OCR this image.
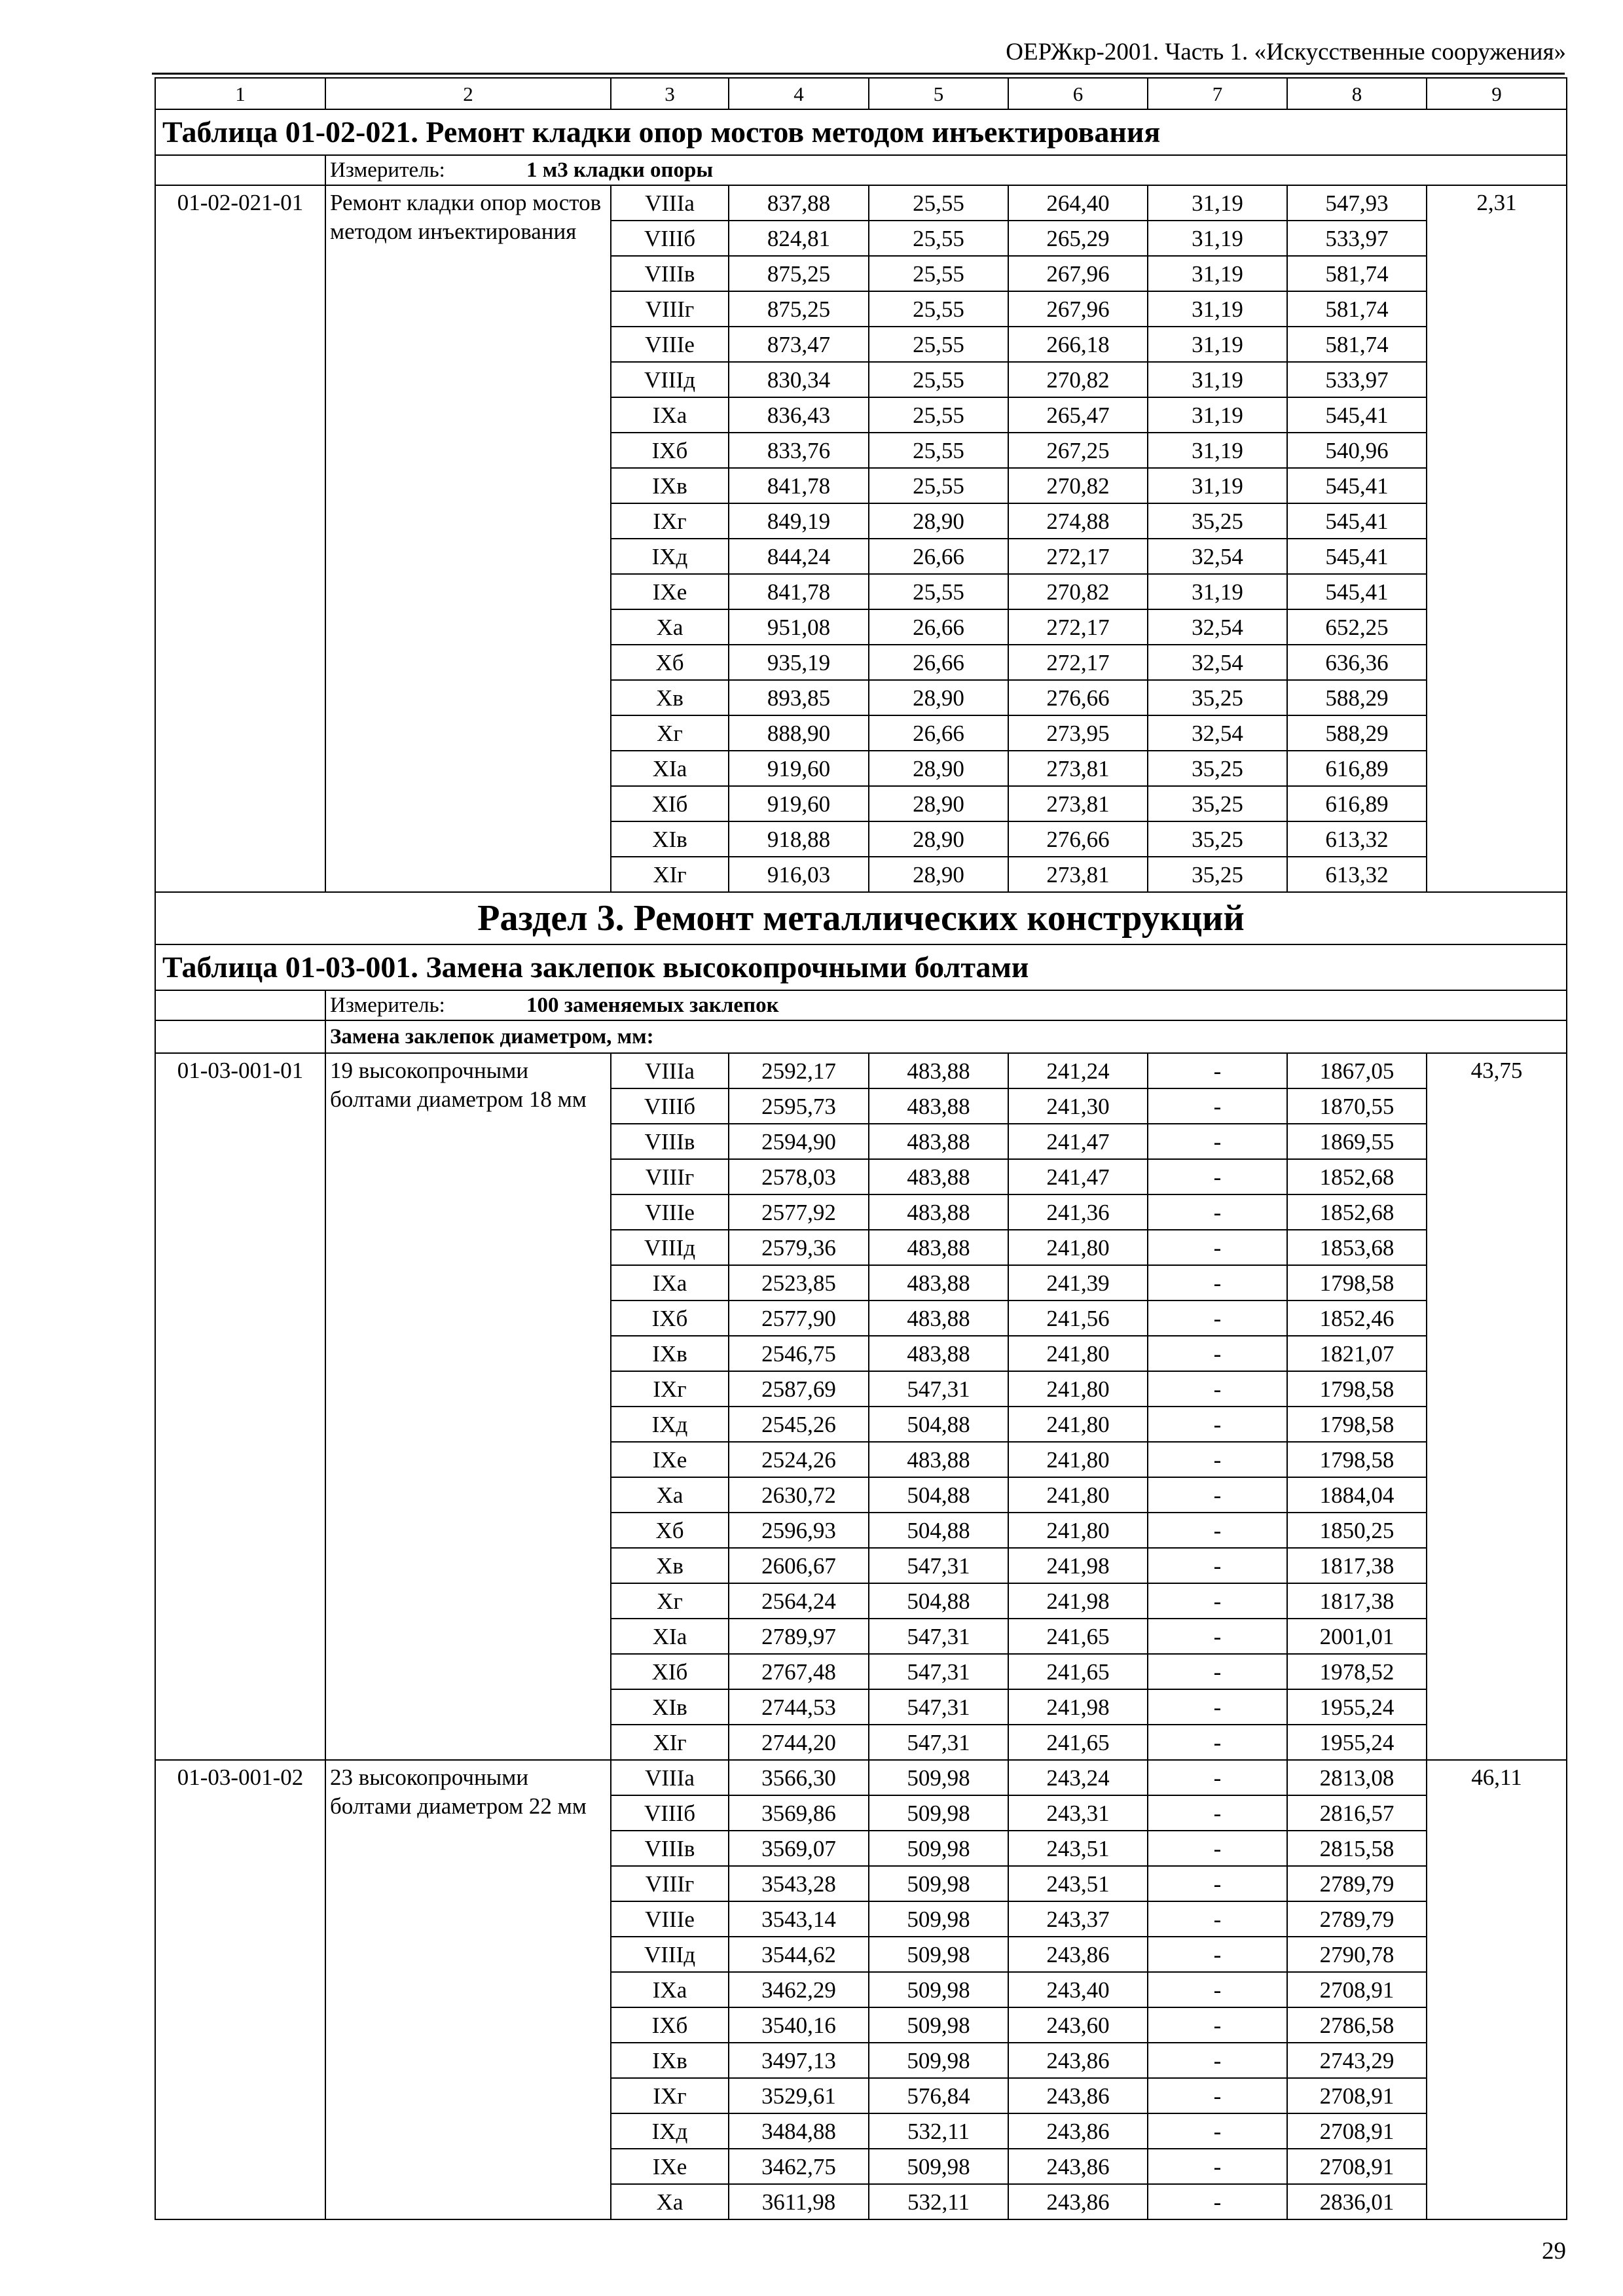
ОЕРЖкр-2001. Часть 1. «Искусственные сооружения»
1	2	3	4	5	6	7	8	9
Таблица 01-02-021. Ремонт кладки опор мостов методом инъектирования								
	Измеритель: 1 м3 кладки опоры							
01-02-021-01	Ремонт кладки опор мостов методом инъектирования	VIIIа	837,88	25,55	264,40	31,19	547,93	2,31
		VIIIб	824,81	25,55	265,29	31,19	533,97	
		VIIIв	875,25	25,55	267,96	31,19	581,74	
		VIIIг	875,25	25,55	267,96	31,19	581,74	
		VIIIе	873,47	25,55	266,18	31,19	581,74	
		VIIIд	830,34	25,55	270,82	31,19	533,97	
		IXа	836,43	25,55	265,47	31,19	545,41	
		IXб	833,76	25,55	267,25	31,19	540,96	
		IXв	841,78	25,55	270,82	31,19	545,41	
		IXг	849,19	28,90	274,88	35,25	545,41	
		IXд	844,24	26,66	272,17	32,54	545,41	
		IXе	841,78	25,55	270,82	31,19	545,41	
		Xа	951,08	26,66	272,17	32,54	652,25	
		Xб	935,19	26,66	272,17	32,54	636,36	
		Xв	893,85	28,90	276,66	35,25	588,29	
		Xг	888,90	26,66	273,95	32,54	588,29	
		XIа	919,60	28,90	273,81	35,25	616,89	
		XIб	919,60	28,90	273,81	35,25	616,89	
		XIв	918,88	28,90	276,66	35,25	613,32	
		XIг	916,03	28,90	273,81	35,25	613,32	
Раздел 3. Ремонт металлических конструкций								
Таблица 01-03-001. Замена заклепок высокопрочными болтами								
	Измеритель: 100 заменяемых заклепок							
	Замена заклепок диаметром, мм:							
01-03-001-01	19 высокопрочными болтами диаметром 18 мм	VIIIа	2592,17	483,88	241,24	-	1867,05	43,75
		VIIIб	2595,73	483,88	241,30	-	1870,55	
		VIIIв	2594,90	483,88	241,47	-	1869,55	
		VIIIг	2578,03	483,88	241,47	-	1852,68	
		VIIIе	2577,92	483,88	241,36	-	1852,68	
		VIIIд	2579,36	483,88	241,80	-	1853,68	
		IXа	2523,85	483,88	241,39	-	1798,58	
		IXб	2577,90	483,88	241,56	-	1852,46	
		IXв	2546,75	483,88	241,80	-	1821,07	
		IXг	2587,69	547,31	241,80	-	1798,58	
		IXд	2545,26	504,88	241,80	-	1798,58	
		IXе	2524,26	483,88	241,80	-	1798,58	
		Xа	2630,72	504,88	241,80	-	1884,04	
		Xб	2596,93	504,88	241,80	-	1850,25	
		Xв	2606,67	547,31	241,98	-	1817,38	
		Xг	2564,24	504,88	241,98	-	1817,38	
		XIа	2789,97	547,31	241,65	-	2001,01	
		XIб	2767,48	547,31	241,65	-	1978,52	
		XIв	2744,53	547,31	241,98	-	1955,24	
		XIг	2744,20	547,31	241,65	-	1955,24	
01-03-001-02	23 высокопрочными болтами диаметром 22 мм	VIIIа	3566,30	509,98	243,24	-	2813,08	46,11
		VIIIб	3569,86	509,98	243,31	-	2816,57	
		VIIIв	3569,07	509,98	243,51	-	2815,58	
		VIIIг	3543,28	509,98	243,51	-	2789,79	
		VIIIе	3543,14	509,98	243,37	-	2789,79	
		VIIIд	3544,62	509,98	243,86	-	2790,78	
		IXа	3462,29	509,98	243,40	-	2708,91	
		IXб	3540,16	509,98	243,60	-	2786,58	
		IXв	3497,13	509,98	243,86	-	2743,29	
		IXг	3529,61	576,84	243,86	-	2708,91	
		IXд	3484,88	532,11	243,86	-	2708,91	
		IXе	3462,75	509,98	243,86	-	2708,91	
		Xа	3611,98	532,11	243,86	-	2836,01	
29
